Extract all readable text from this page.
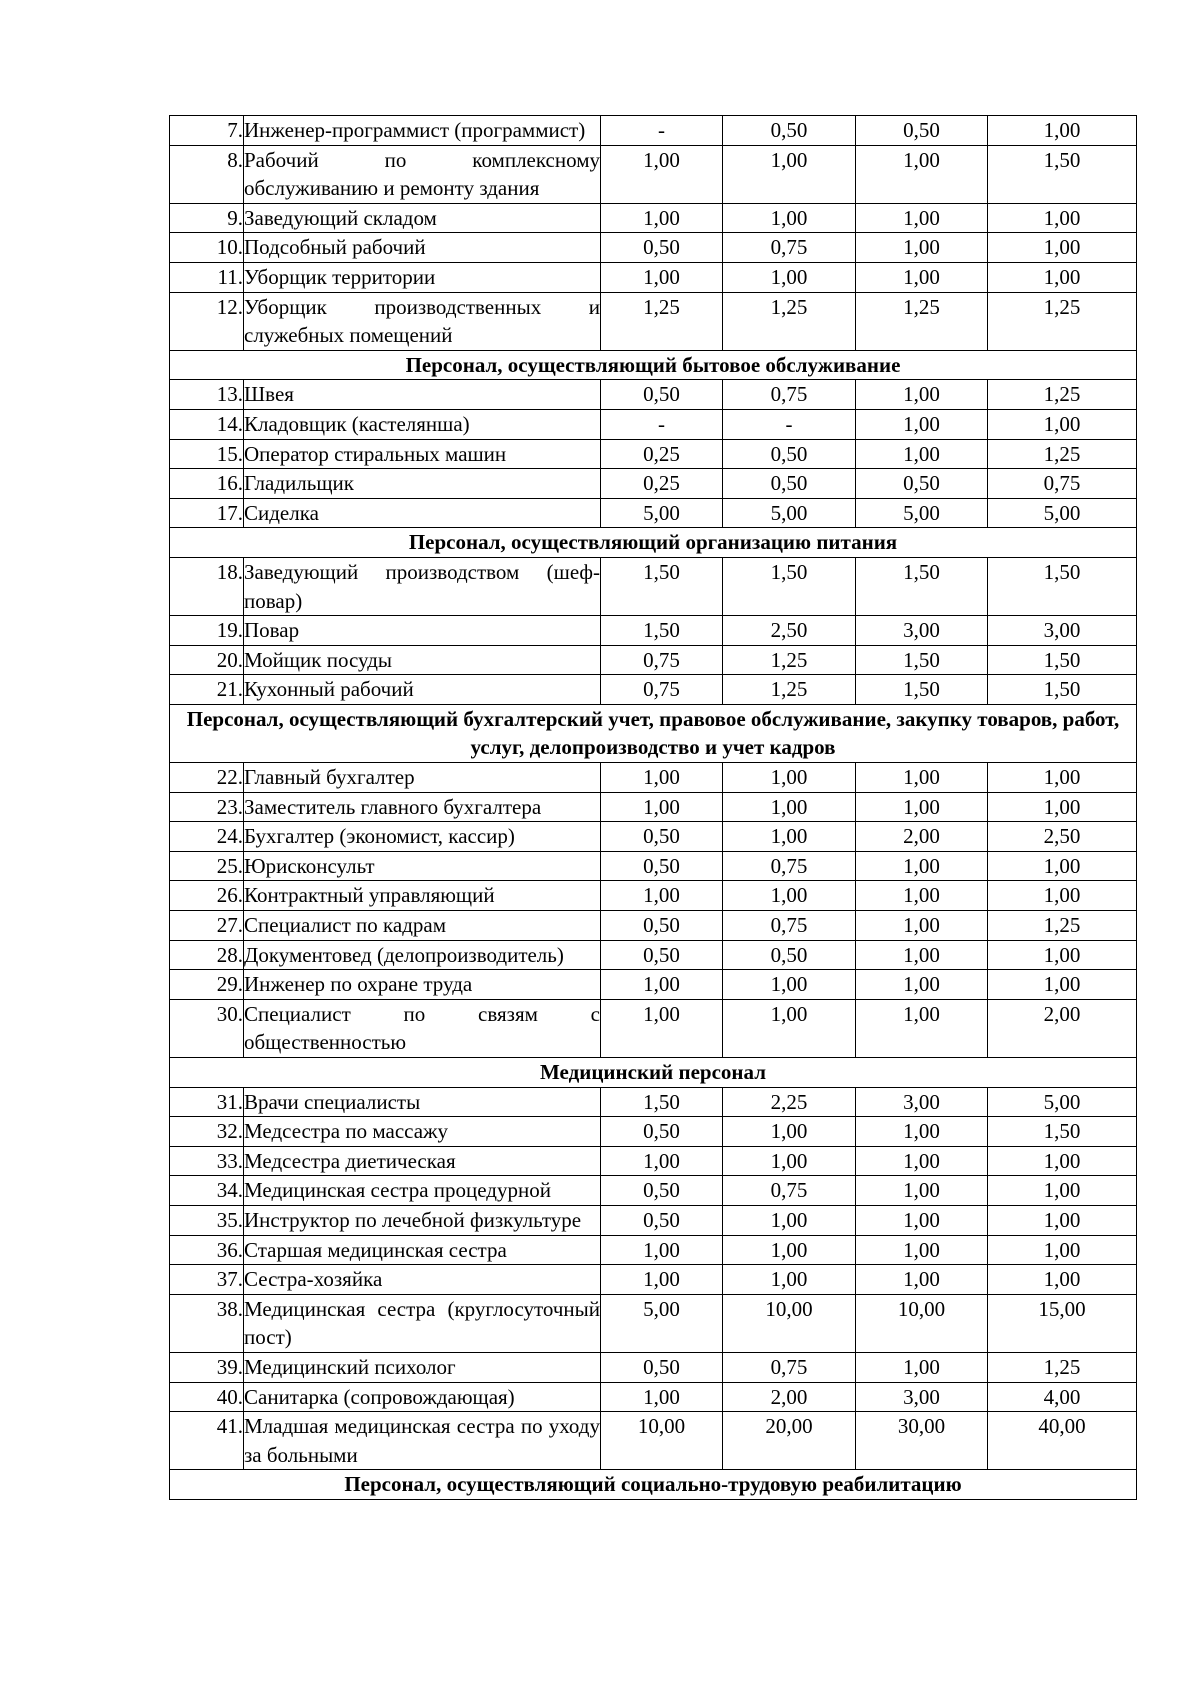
7.	Инженер-программист (программист)	-	0,50	0,50	1,00
8.	Рабочий по комплексному обслуживанию и ремонту здания	1,00	1,00	1,00	1,50
9.	Заведующий складом	1,00	1,00	1,00	1,00
10.	Подсобный рабочий	0,50	0,75	1,00	1,00
11.	Уборщик территории	1,00	1,00	1,00	1,00
12.	Уборщик производственных и служебных помещений	1,25	1,25	1,25	1,25
Персонал, осуществляющий бытовое обслуживание					
13.	Швея	0,50	0,75	1,00	1,25
14.	Кладовщик (кастелянша)	-	-	1,00	1,00
15.	Оператор стиральных машин	0,25	0,50	1,00	1,25
16.	Гладильщик	0,25	0,50	0,50	0,75
17.	Сиделка	5,00	5,00	5,00	5,00
Персонал, осуществляющий организацию питания					
18.	Заведующий производством (шеф-повар)	1,50	1,50	1,50	1,50
19.	Повар	1,50	2,50	3,00	3,00
20.	Мойщик посуды	0,75	1,25	1,50	1,50
21.	Кухонный рабочий	0,75	1,25	1,50	1,50
Персонал, осуществляющий бухгалтерский учет, правовое обслуживание, закупку товаров, работ, услуг, делопроизводство и учет кадров					
22.	Главный бухгалтер	1,00	1,00	1,00	1,00
23.	Заместитель главного бухгалтера	1,00	1,00	1,00	1,00
24.	Бухгалтер (экономист, кассир)	0,50	1,00	2,00	2,50
25.	Юрисконсульт	0,50	0,75	1,00	1,00
26.	Контрактный управляющий	1,00	1,00	1,00	1,00
27.	Специалист по кадрам	0,50	0,75	1,00	1,25
28.	Документовед (делопроизводитель)	0,50	0,50	1,00	1,00
29.	Инженер по охране труда	1,00	1,00	1,00	1,00
30.	Специалист по связям с общественностью	1,00	1,00	1,00	2,00
Медицинский персонал					
31.	Врачи специалисты	1,50	2,25	3,00	5,00
32.	Медсестра по массажу	0,50	1,00	1,00	1,50
33.	Медсестра диетическая	1,00	1,00	1,00	1,00
34.	Медицинская сестра процедурной	0,50	0,75	1,00	1,00
35.	Инструктор по лечебной физкультуре	0,50	1,00	1,00	1,00
36.	Старшая медицинская сестра	1,00	1,00	1,00	1,00
37.	Сестра-хозяйка	1,00	1,00	1,00	1,00
38.	Медицинская сестра (круглосуточный пост)	5,00	10,00	10,00	15,00
39.	Медицинский психолог	0,50	0,75	1,00	1,25
40.	Санитарка (сопровождающая)	1,00	2,00	3,00	4,00
41.	Младшая медицинская сестра по уходу за больными	10,00	20,00	30,00	40,00
Персонал, осуществляющий социально-трудовую реабилитацию					
